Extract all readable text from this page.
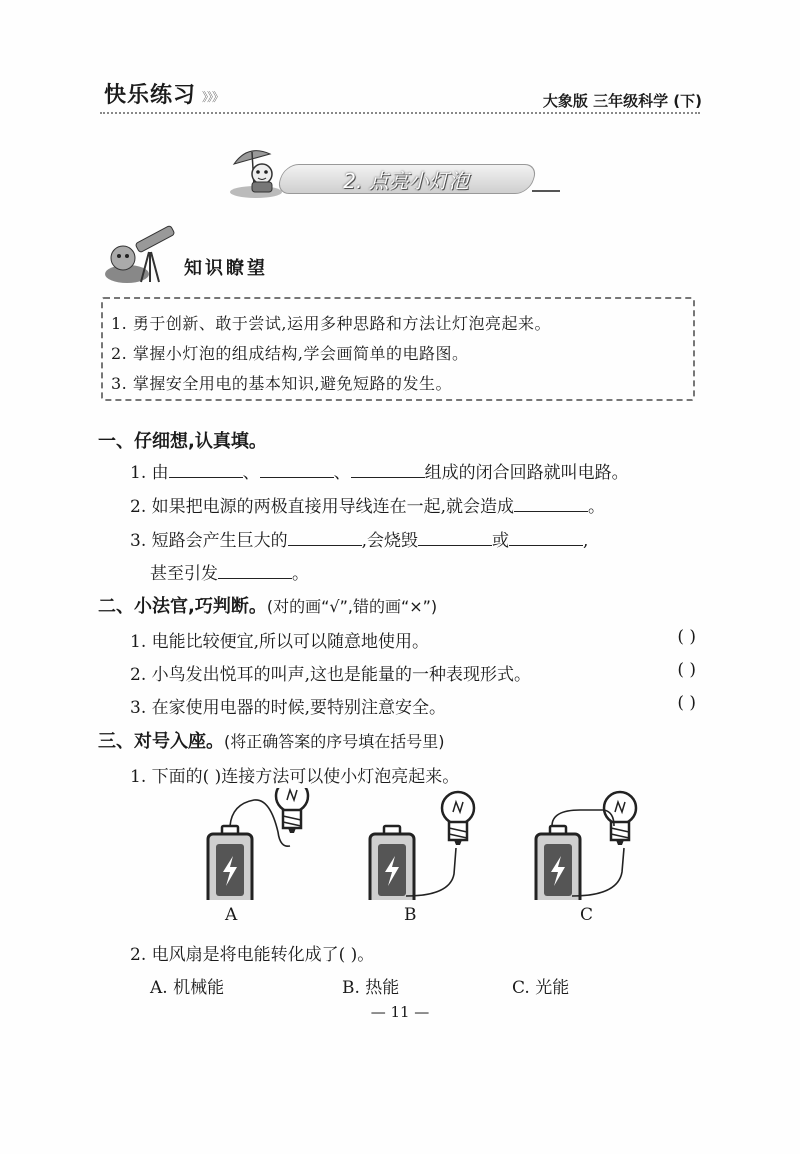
快乐练习 》》》	大象版 三年级科学 (下)
2. 点亮小灯泡
知识瞭望
1. 勇于创新、敢于尝试,运用多种思路和方法让灯泡亮起来。
2. 掌握小灯泡的组成结构,学会画简单的电路图。
3. 掌握安全用电的基本知识,避免短路的发生。
一、仔细想,认真填。
1. 由	、	、	组成的闭合回路就叫电路。
2. 如果把电源的两极直接用导线连在一起,就会造成	。
3. 短路会产生巨大的	,会烧毁	或	,
甚至引发	。
二、小法官,巧判断。(对的画“√”,错的画“×”)
1. 电能比较便宜,所以可以随意地使用。	( )
2. 小鸟发出悦耳的叫声,这也是能量的一种表现形式。	( )
3. 在家使用电器的时候,要特别注意安全。	( )
三、对号入座。(将正确答案的序号填在括号里)
1. 下面的( )连接方法可以使小灯泡亮起来。
A	B	C
2. 电风扇是将电能转化成了( )。
A. 机械能	B. 热能	C. 光能
— 11 —
